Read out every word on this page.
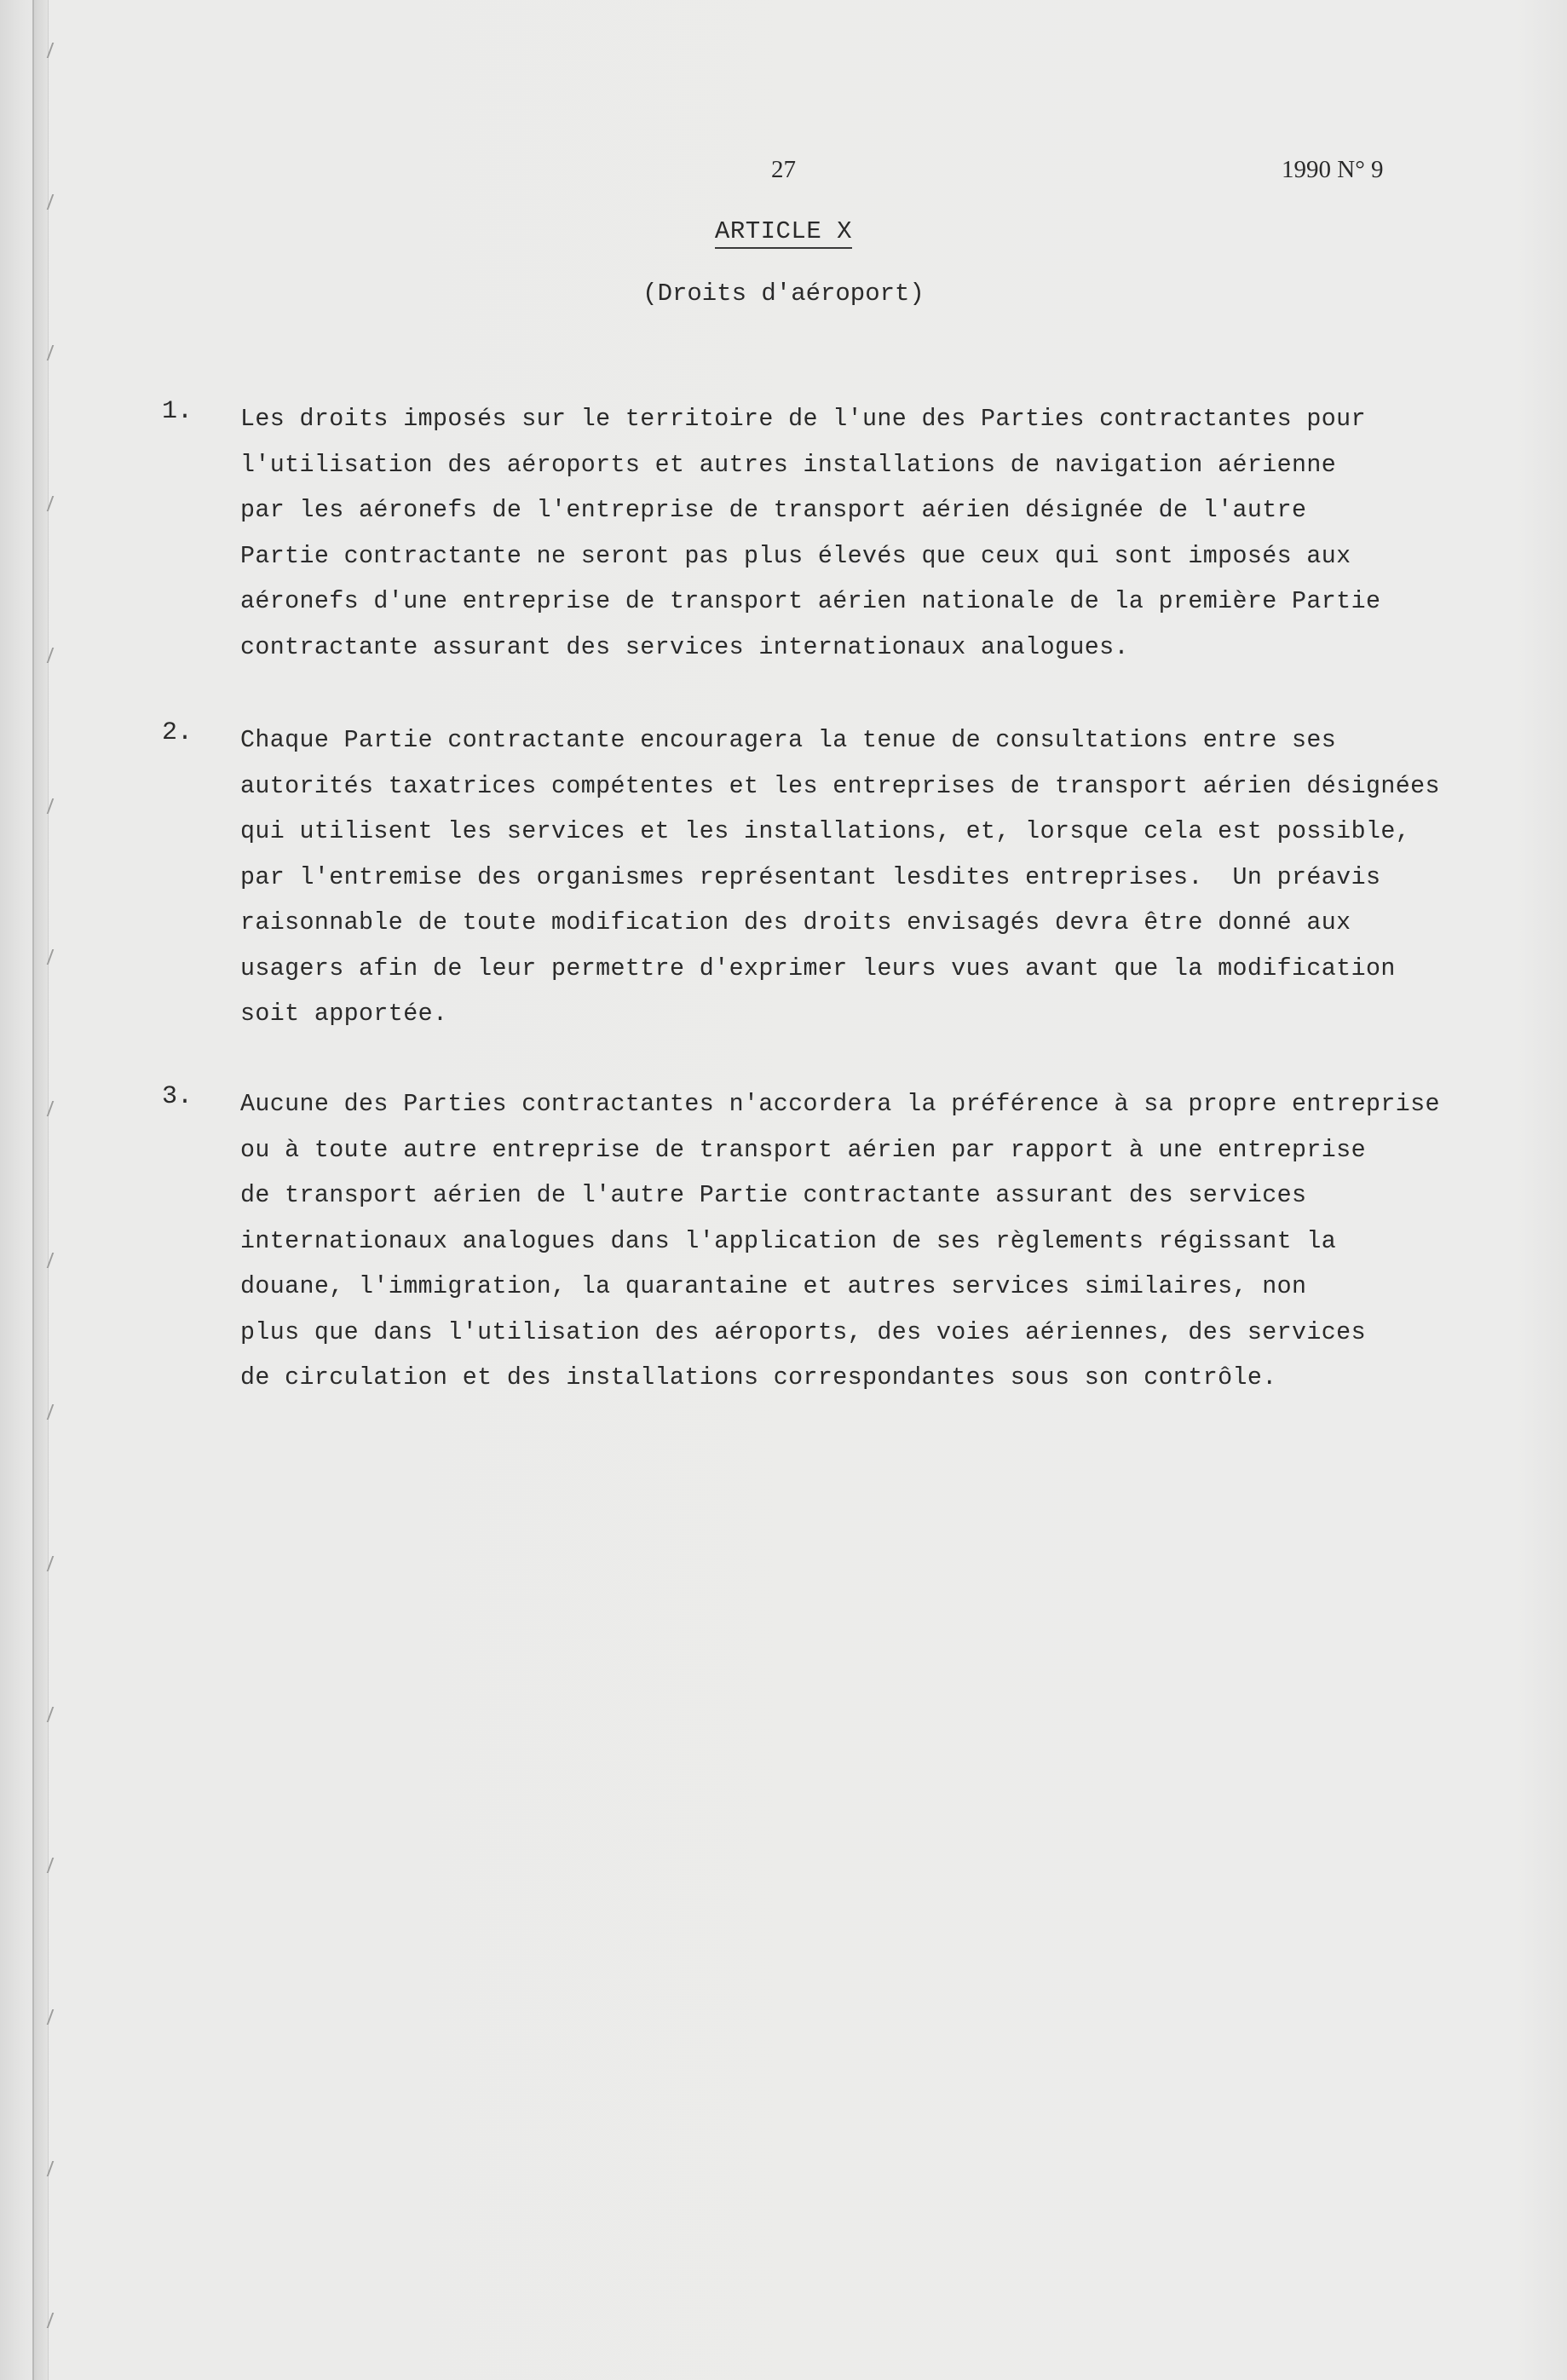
27	1990 N° 9
ARTICLE X
(Droits d'aéroport)
1. Les droits imposés sur le territoire de l'une des Parties contractantes pour
l'utilisation des aéroports et autres installations de navigation aérienne
par les aéronefs de l'entreprise de transport aérien désignée de l'autre
Partie contractante ne seront pas plus élevés que ceux qui sont imposés aux
aéronefs d'une entreprise de transport aérien nationale de la première Partie
contractante assurant des services internationaux analogues.
2. Chaque Partie contractante encouragera la tenue de consultations entre ses
autorités taxatrices compétentes et les entreprises de transport aérien désignées
qui utilisent les services et les installations, et, lorsque cela est possible,
par l'entremise des organismes représentant lesdites entreprises.  Un préavis
raisonnable de toute modification des droits envisagés devra être donné aux
usagers afin de leur permettre d'exprimer leurs vues avant que la modification
soit apportée.
3. Aucune des Parties contractantes n'accordera la préférence à sa propre entreprise
ou à toute autre entreprise de transport aérien par rapport à une entreprise
de transport aérien de l'autre Partie contractante assurant des services
internationaux analogues dans l'application de ses règlements régissant la
douane, l'immigration, la quarantaine et autres services similaires, non
plus que dans l'utilisation des aéroports, des voies aériennes, des services
de circulation et des installations correspondantes sous son contrôle.
